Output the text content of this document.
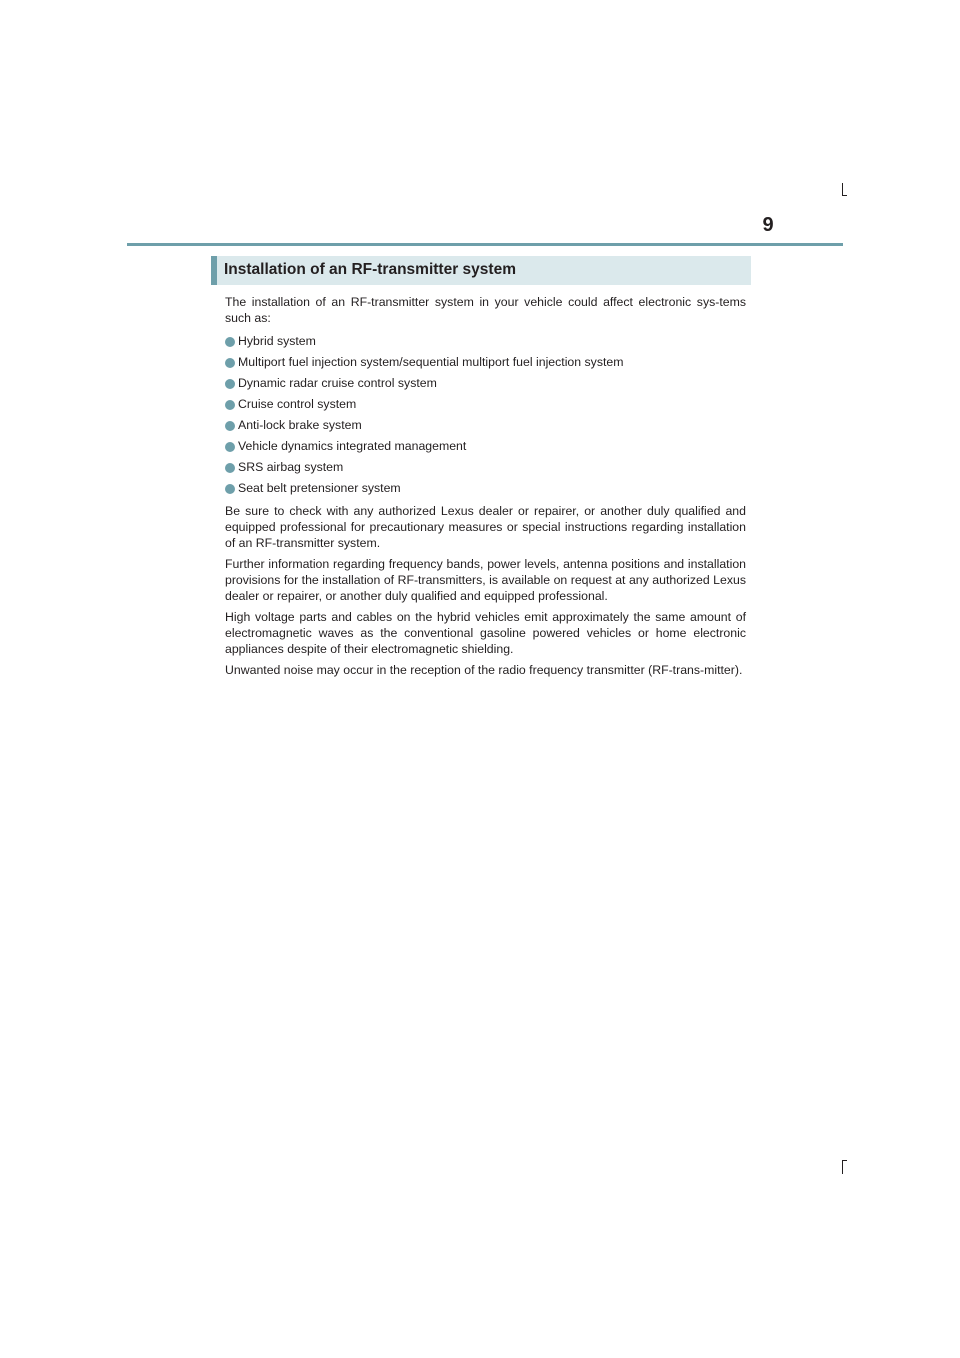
9
Installation of an RF-transmitter system

The installation of an RF-transmitter system in your vehicle could affect electronic sys-tems such as:

Hybrid system
Multiport fuel injection system/sequential multiport fuel injection system
Dynamic radar cruise control system
Cruise control system
Anti-lock brake system
Vehicle dynamics integrated management
SRS airbag system
Seat belt pretensioner system

Be sure to check with any authorized Lexus dealer or repairer, or another duly qualified and equipped professional for precautionary measures or special instructions regarding installation of an RF-transmitter system.

Further information regarding frequency bands, power levels, antenna positions and installation provisions for the installation of RF-transmitters, is available on request at any authorized Lexus dealer or repairer, or another duly qualified and equipped professional.

High voltage parts and cables on the hybrid vehicles emit approximately the same amount of electromagnetic waves as the conventional gasoline powered vehicles or home electronic appliances despite of their electromagnetic shielding.

Unwanted noise may occur in the reception of the radio frequency transmitter (RF-trans-mitter).
